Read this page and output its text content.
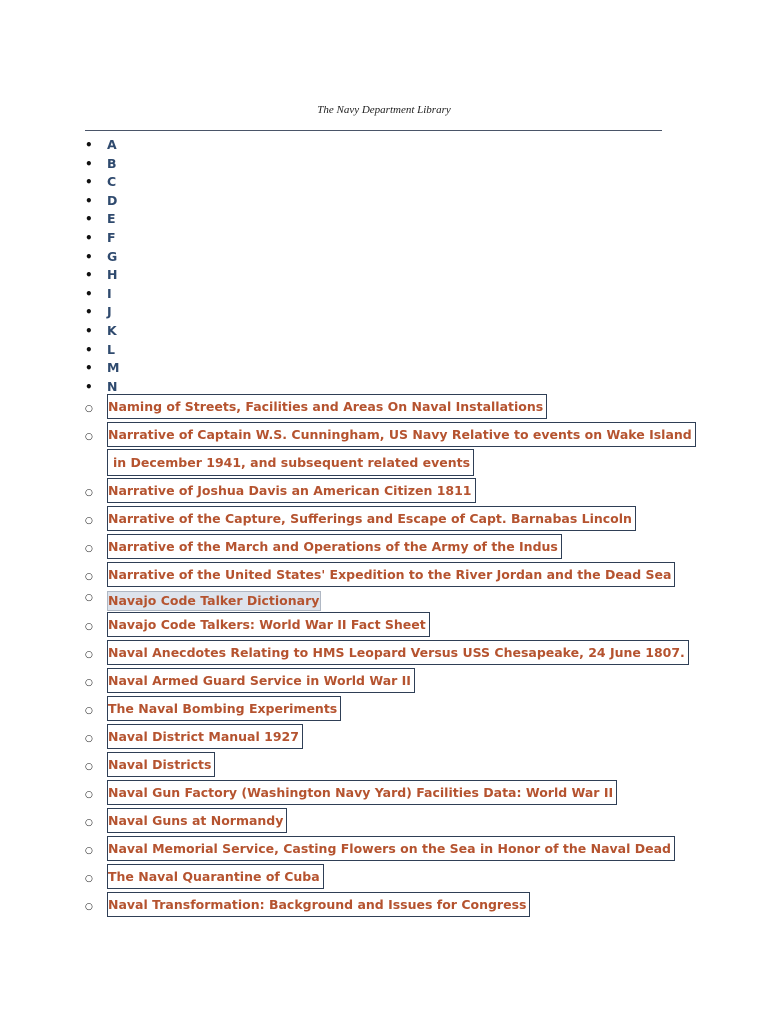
The Navy Department Library
• A
• B
• C
• D
• E
• F
• G
• H
• I
• J
• K
• L
• M
• N
○ Naming of Streets, Facilities and Areas On Naval Installations
○ Narrative of Captain W.S. Cunningham, US Navy Relative to events on Wake Island
in December 1941, and subsequent related events
○ Narrative of Joshua Davis an American Citizen 1811
○ Narrative of the Capture, Sufferings and Escape of Capt. Barnabas Lincoln
○ Narrative of the March and Operations of the Army of the Indus
○ Narrative of the United States' Expedition to the River Jordan and the Dead Sea
○ Navajo Code Talker Dictionary
○ Navajo Code Talkers: World War II Fact Sheet
○ Naval Anecdotes Relating to HMS Leopard Versus USS Chesapeake, 24 June 1807.
○ Naval Armed Guard Service in World War II
○ The Naval Bombing Experiments
○ Naval District Manual 1927
○ Naval Districts
○ Naval Gun Factory (Washington Navy Yard) Facilities Data: World War II
○ Naval Guns at Normandy
○ Naval Memorial Service, Casting Flowers on the Sea in Honor of the Naval Dead
○ The Naval Quarantine of Cuba
○ Naval Transformation: Background and Issues for Congress
